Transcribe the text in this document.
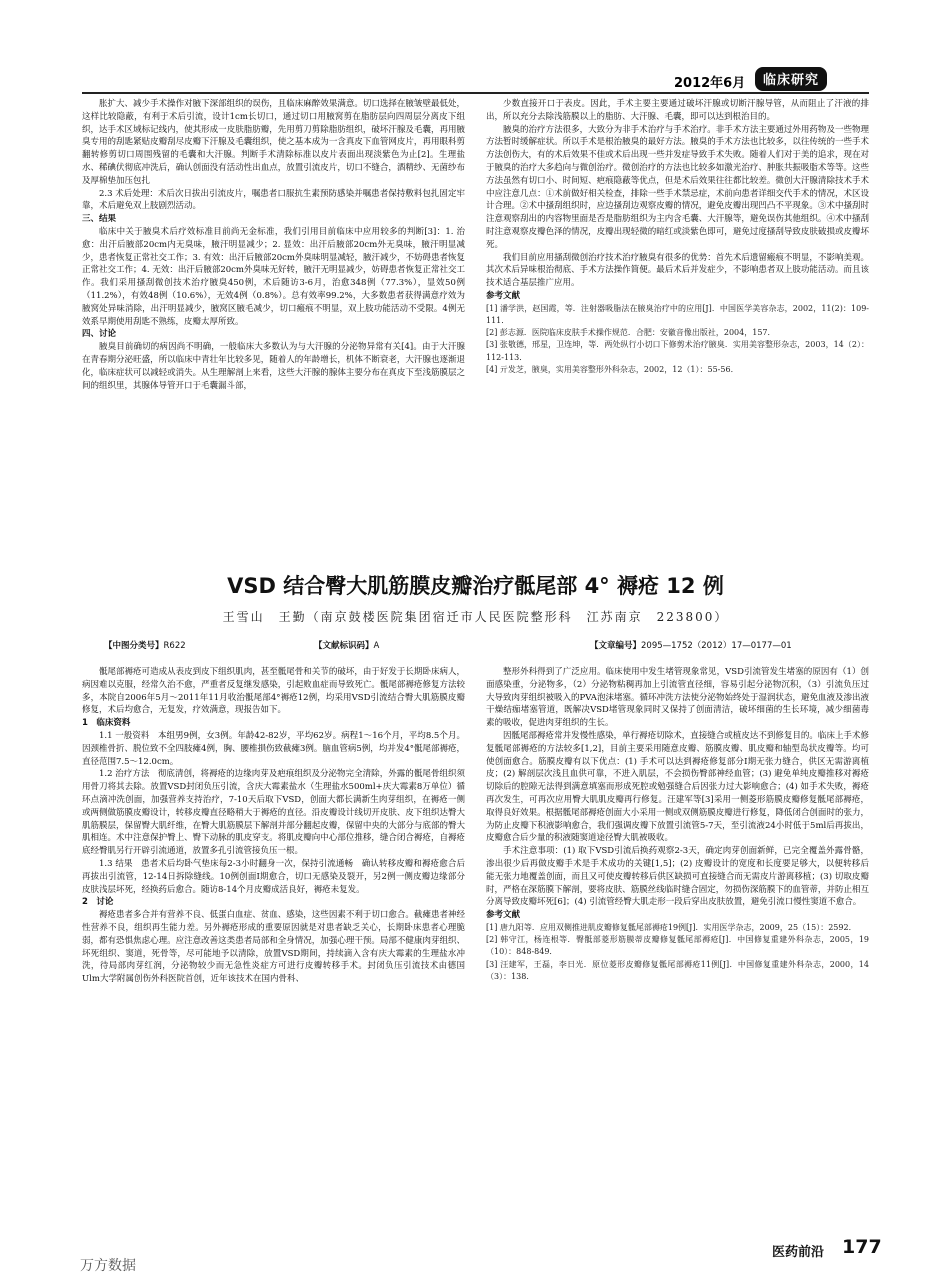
2012年6月	临床研究

胀扩大、减少手术操作对腋下深部组织的误伤，且临床麻醉效果满意。切口选择在腋皱壁最低处，这样比较隐蔽，有利于术后引流，设计1cm长切口，通过切口用腋窝剪在脂肪层向四周层分离皮下组织，达手术区域标记线内，使其形成一皮肤脂肪瓣，先用剪刀剪除脂肪组织，破坏汗腺及毛囊，再用腋臭专用的刮匙紧贴皮瓣刮尽皮瓣下汗腺及毛囊组织，使之基本成为一含真皮下血管网皮片，再用眼科剪翻转修剪切口周围残留的毛囊和大汗腺。判断手术清除标准以皮片表面出现淡紫色为止[2]。生理盐水、稀碘伏彻底冲洗后，确认创面没有活动性出血点，放置引流皮片，切口不缝合，酒精纱、无菌纱布及厚棉垫加压包扎

2.3 术后处理：术后次日拔出引流皮片，嘱患者口服抗生素预防感染并嘱患者保持敷料包扎固定牢靠，术后避免双上肢剧烈活动。

三、结果

临床中关于腋臭术后疗效标准目前尚无金标准，我们引用目前临床中应用较多的判断[3]：1. 治愈：出汗后腋部20cm内无臭味，腋汗明显减少；2. 显效：出汗后腋部20cm外无臭味，腋汗明显减少，患者恢复正常社交工作；3. 有效：出汗后腋部20cm外臭味明显减轻，腋汗减少，不妨碍患者恢复正常社交工作；4. 无效：出汗后腋部20cm外臭味无好转，腋汗无明显减少，妨碍患者恢复正常社交工作。我们采用搔刮微创技术治疗腋臭450例，术后随访3-6月，治愈348例（77.3%），显效50例（11.2%），有效48例（10.6%），无效4例（0.8%）。总有效率99.2%，大多数患者获得满意疗效为腋窝处异味消除，出汗明显减少，腋窝区腋毛减少，切口瘢痕不明显，双上肢功能活动不受限。4例无效系早期使用刮匙不熟练，皮瓣太厚所致。

四、讨论

腋臭目前确切的病因尚不明确，一般临床大多数认为与大汗腺的分泌物异常有关[4]。由于大汗腺在青春期分泌旺盛，所以临床中青壮年比较多见，随着人的年龄增长，机体不断衰老，大汗腺也逐渐退化，临床症状可以减轻或消失。从生理解剖上来看，这些大汗腺的腺体主要分布在真皮下至浅筋膜层之间的组织里，其腺体导管开口于毛囊漏斗部，

少数直接开口于表皮。因此，手术主要主要通过破坏汗腺或切断汗腺导管，从而阻止了汗液的排出，所以充分去除浅筋膜以上的脂肪、大汗腺、毛囊，即可以达到根治目的。

腋臭的治疗方法很多，大致分为非手术治疗与手术治疗。非手术方法主要通过外用药物及一些物理方法暂时缓解症状。所以手术是根治腋臭的最好方法。腋臭的手术方法也比较多，以往传统的一些手术方法创伤大，有的术后效果不佳或术后出现一些并发症导致手术失败。随着人们对于美的追求，现在对于腋臭的治疗大多趋向与微创治疗。微创治疗的方法也比较多如激光治疗、肿胀共振吸脂术等等。这些方法虽然有切口小、时间短、疤痕隐蔽等优点，但是术后效果往往都比较差。微创大汗腺清除技术手术中应注意几点：①术前做好相关检查，排除一些手术禁忌症，术前向患者详细交代手术的情况，术区设计合理。②术中搔刮组织时，应边搔刮边观察皮瓣的情况，避免皮瓣出现凹凸不平现象。③术中搔刮时注意观察刮出的内容物里面是否是脂肪组织为主内含毛囊、大汗腺等，避免误伤其他组织。④术中搔刮时注意观察皮瓣色泽的情况，皮瓣出现轻微的暗红或淡紫色即可，避免过度搔刮导致皮肤破损或皮瓣坏死。

我们目前应用搔刮微创治疗技术治疗腋臭有很多的优势：首先术后遗留瘢痕不明显，不影响美观。其次术后异味根治彻底、手术方法操作简便。最后术后并发症少，不影响患者双上肢功能活动。而且该技术适合基层推广应用。

参考文献

[1] 潘学洪，赵国霞，等．注射器吸脂法在腋臭治疗中的应用[J]．中国医学美容杂志，2002，11(2)：109-111．

[2] 彭志源．医院临床皮肤手术操作规范．合肥：安徽音像出版社，2004，157．

[3] 张敬德，邢星，卫连坤，等．两处纵行小切口下修剪术治疗腋臭．实用美容整形杂志，2003，14（2）：112-113．

[4] 亓发芝，腋臭，实用美容整形外科杂志，2002，12（1）：55-56．

VSD 结合臀大肌筋膜皮瓣治疗骶尾部 4° 褥疮 12 例
王雪山　王勤（南京鼓楼医院集团宿迁市人民医院整形科　江苏南京　223800）
【中图分类号】R622	【文献标识码】A	【文章编号】2095—1752（2012）17—0177—01

骶尾部褥疮可造成从表皮到皮下组织肌肉，甚至骶尾骨和关节的破坏，由于好发于长期卧床病人，病因难以克服，经常久治不愈，严重者反复继发感染，引起败血症而导致死亡。骶尾部褥疮修复方法较多，本院自2006年5月～2011年11月收治骶尾部4°褥疮12例，均采用VSD引流结合臀大肌筋膜皮瓣修复，术后均愈合，无复发，疗效满意，现报告如下。

1　临床资料

1.1 一般资料　本组男9例，女3例。年龄42-82岁，平均62岁。病程1～16个月，平均8.5个月。因颈椎骨折、脱位致不全四肢瘫4例，胸、腰椎損伤致截瘫3例。脑血管病5例，均并发4°骶尾部褥疮，直径范围7.5～12.0cm。

1.2 治疗方法　彻底清创，将褥疮的边缘肉芽及疤痕组织及分泌物完全清除，外露的骶尾骨组织须用骨刀将其去除。放置VSD封闭负压引流，含庆大霉素盐水（生理盐水500ml+庆大霉素8万单位）循环点滴冲洗创面，加强营养支持治疗，7-10天后取下VSD，创面大都长满新生肉芽组织，在褥疮一侧或两侧做筋膜皮瓣设计，转移皮瓣直径略稍大于褥疮的直径。沿皮瓣设计线切开皮肤、皮下组织达臀大肌筋膜层，保留臀大肌纤维，在臀大肌筋膜层下解剖并部分翻起皮瓣，保留中央的大部分与底部的臀大肌相连。术中注意保护臀上、臀下动脉的肌皮穿支。将肌皮瓣向中心部位推移，缝合闭合褥疮，自褥疮底经臀肌另行开辟引流通道，放置多孔引流管接负压一根。

1.3 结果　患者术后均卧气垫床每2-3小时翻身一次，保持引流通畅　确认转移皮瓣和褥疮愈合后再拔出引流管，12-14日拆除缝线。10例创面Ⅰ期愈合，切口无感染及裂开，另2例一侧皮瓣边缘部分皮肤浅层坏死，经换药后愈合。随访8-14个月皮瓣成活良好，褥疮未复发。

2　讨论

褥疮患者多合并有营养不良、低蛋白血症、贫血、感染，这些因素不利于切口愈合。截瘫患者神经性营养不良，组织再生能力差。另外褥疮形成的重要原因就是对患者缺乏关心，长期卧床患者心理脆弱，都有恐惧焦虑心理。应注意改善这类患者局部和全身情况，加强心理干预。局部不健康肉芽组织、坏死组织、窦道，死骨等，尽可能地予以清除，放置VSD期间，持续滴入含有庆大霉素的生理盐水冲洗，待局部肉芽红润，分泌物较少而无急性炎症方可进行皮瓣转移手术。封闭负压引流技术由德国Ulm大学附属创伤外科医院首创，近年该技术在国内骨科、

整形外科得到了广泛应用。临床使用中发生堵管现象常见，VSD引流管发生堵塞的原因有（1）创面感染重，分泌物多，（2）分泌物粘稠再加上引流管直径细，容易引起分泌物沉积，（3）引流负压过大导致肉芽组织被吸入的PVA泡沫堵塞。循环冲洗方法使分泌物始终处于湿润状态，避免血液及渗出液干燥结痂堵塞管道，既解决VSD堵管现象同时又保持了创面清洁，破坏细菌的生长环境，减少细菌毒素的吸收，促进肉芽组织的生长。

因骶尾部褥疮常并发慢性感染，单行褥疮切除术，直接缝合或植皮达不到修复目的。临床上手术修复骶尾部褥疮的方法较多[1,2]，目前主要采用随意皮瓣、筋膜皮瓣、肌皮瓣和轴型岛状皮瓣等。均可使创面愈合。筋膜皮瓣有以下优点：(1) 手术可以达到褥疮修复部分Ⅰ期无张力缝合，供区无需游离植皮；(2) 解剖层次浅且血供可靠，不进入肌层，不会损伤臀部神经血管；(3) 避免单纯皮瓣推移对褥疮切除后的腔隙无法得到满意填塞而形成死腔或勉强缝合后因张力过大影响愈合；(4) 如手术失败，褥疮再次发生，可再次应用臀大肌肌皮瓣再行修复。汪建军等[3]采用一侧菱形筋膜皮瓣修复骶尾部褥疮，取得良好效果。根据骶尾部褥疮创面大小采用一侧或双侧筋膜皮瓣进行修复，降低闭合创面时的张力，为防止皮瓣下积液影响愈合，我们强调皮瓣下放置引流管5-7天，至引流液24小时低于5ml后再拔出，皮瓣愈合后少量的积液随窦道途径臀大肌被吸收。

手术注意事项：(1) 取下VSD引流后换药观察2-3天，确定肉芽创面新鲜，已完全覆盖外露骨骼，渗出很少后再做皮瓣手术是手术成功的关键[1,5]；(2) 皮瓣设计的宽度和长度要足够大，以便转移后能无张力地覆盖创面，而且又可使皮瓣转移后供区缺损可直接缝合而无需皮片游离移植；(3) 切取皮瓣时，严格在深筋膜下解剖，要将皮肤、筋膜丝线临时缝合固定，勿损伤深筋膜下的血管蒂，并防止相互分离导致皮瓣坏死[6]；(4) 引流管经臀大肌走形一段后穿出皮肤放置，避免引流口慢性窦道不愈合。

参考文献

[1] 唐九阳等．应用双侧推进肌皮瓣修复骶尾部褥疮19例[J]．实用医学杂志，2009，25（15）：2592．

[2] 韩守江，杨连根等．臀骶部菱形筋膜蒂皮瓣修复骶尾部褥疮[J]．中国修复重建外科杂志，2005，19（10）：848-849．

[3] 汪建军，王磊，李日光．原位菱形皮瓣修复骶尾部褥疮11例[J]．中国修复重建外科杂志，2000，14（3）：138．

医药前沿 177
万方数据
